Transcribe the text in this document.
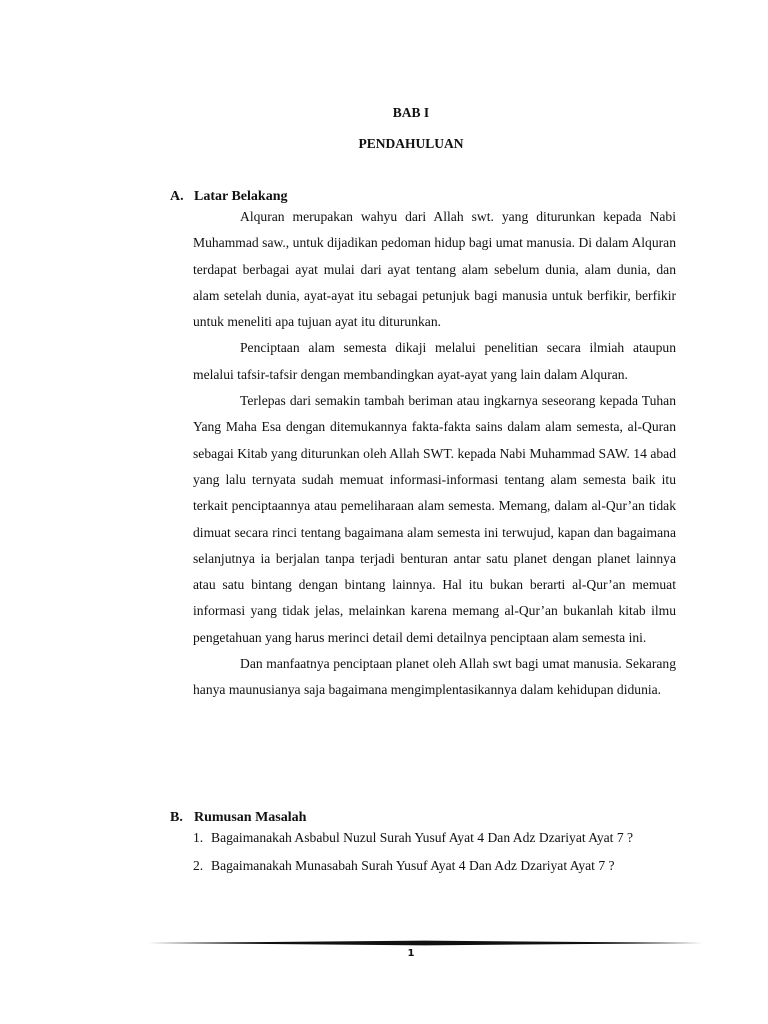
BAB I
PENDAHULUAN
A. Latar Belakang

Alquran merupakan wahyu dari Allah swt. yang diturunkan kepada Nabi Muhammad saw., untuk dijadikan pedoman hidup bagi umat manusia. Di dalam Alquran terdapat berbagai ayat mulai dari ayat tentang alam sebelum dunia, alam dunia, dan alam setelah dunia, ayat-ayat itu sebagai petunjuk bagi manusia untuk berfikir, berfikir untuk meneliti apa tujuan ayat itu diturunkan.

Penciptaan alam semesta dikaji melalui penelitian secara ilmiah ataupun melalui tafsir-tafsir dengan membandingkan ayat-ayat yang lain dalam Alquran.

Terlepas dari semakin tambah beriman atau ingkarnya seseorang kepada Tuhan Yang Maha Esa dengan ditemukannya fakta-fakta sains dalam alam semesta, al-Quran sebagai Kitab yang diturunkan oleh Allah SWT. kepada Nabi Muhammad SAW. 14 abad yang lalu ternyata sudah memuat informasi-informasi tentang alam semesta baik itu terkait penciptaannya atau pemeliharaan alam semesta. Memang, dalam al-Qur’an tidak dimuat secara rinci tentang bagaimana alam semesta ini terwujud, kapan dan bagaimana selanjutnya ia berjalan tanpa terjadi benturan antar satu planet dengan planet lainnya atau satu bintang dengan bintang lainnya. Hal itu bukan berarti al-Qur’an memuat informasi yang tidak jelas, melainkan karena memang al-Qur’an bukanlah kitab ilmu pengetahuan yang harus merinci detail demi detailnya penciptaan alam semesta ini.

Dan manfaatnya penciptaan planet oleh Allah swt bagi umat manusia. Sekarang hanya maunusianya saja bagaimana mengimplentasikannya dalam kehidupan didunia.

B. Rumusan Masalah
1. Bagaimanakah Asbabul Nuzul Surah Yusuf Ayat 4 Dan Adz Dzariyat Ayat 7 ?
2. Bagaimanakah Munasabah Surah Yusuf Ayat 4 Dan Adz Dzariyat Ayat 7 ?
1
